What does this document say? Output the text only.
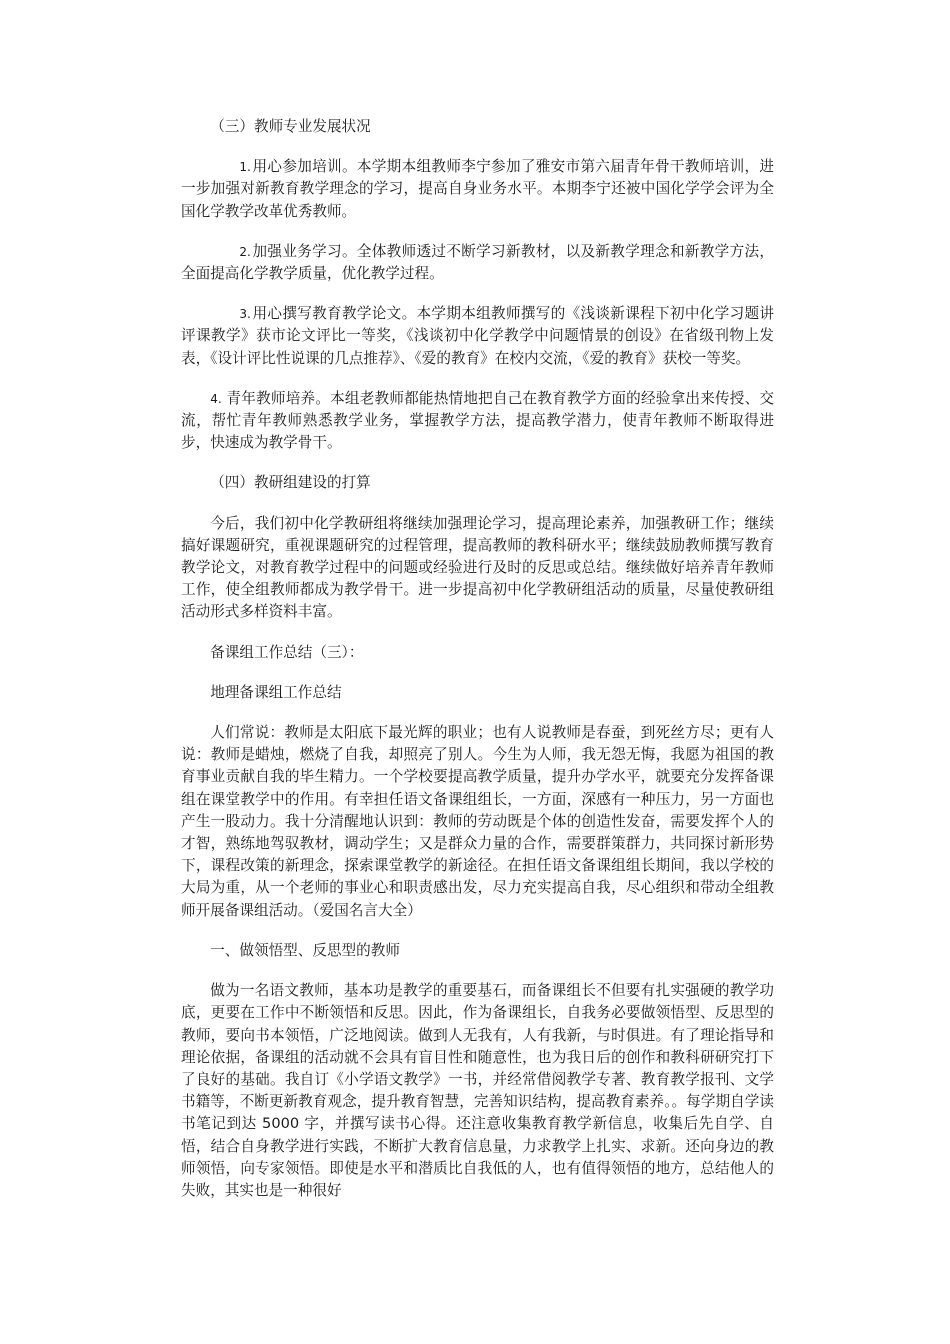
（三）教师专业发展状况

1.用心参加培训。本学期本组教师李宁参加了雅安市第六届青年骨干教师培训，进一步加强对新教育教学理念的学习，提高自身业务水平。本期李宁还被中国化学学会评为全国化学教学改革优秀教师。

2.加强业务学习。全体教师透过不断学习新教材，以及新教学理念和新教学方法，全面提高化学教学质量，优化教学过程。

3.用心撰写教育教学论文。本学期本组教师撰写的《浅谈新课程下初中化学习题讲评课教学》获市论文评比一等奖，《浅谈初中化学教学中问题情景的创设》在省级刊物上发表，《设计评比性说课的几点推荐》、《爱的教育》在校内交流，《爱的教育》获校一等奖。

4. 青年教师培养。本组老教师都能热情地把自己在教育教学方面的经验拿出来传授、交流，帮忙青年教师熟悉教学业务，掌握教学方法，提高教学潜力，使青年教师不断取得进步，快速成为教学骨干。

（四）教研组建设的打算

今后，我们初中化学教研组将继续加强理论学习，提高理论素养，加强教研工作；继续搞好课题研究，重视课题研究的过程管理，提高教师的教科研水平；继续鼓励教师撰写教育教学论文，对教育教学过程中的问题或经验进行及时的反思或总结。继续做好培养青年教师工作，使全组教师都成为教学骨干。进一步提高初中化学教研组活动的质量，尽量使教研组活动形式多样资料丰富。

备课组工作总结（三）：

地理备课组工作总结

人们常说：教师是太阳底下最光辉的职业；也有人说教师是春蚕，到死丝方尽；更有人说：教师是蜡烛，燃烧了自我，却照亮了别人。今生为人师，我无怨无悔，我愿为祖国的教育事业贡献自我的毕生精力。一个学校要提高教学质量，提升办学水平，就要充分发挥备课组在课堂教学中的作用。有幸担任语文备课组组长，一方面，深感有一种压力，另一方面也产生一股动力。我十分清醒地认识到：教师的劳动既是个体的创造性发奋，需要发挥个人的才智，熟练地驾驭教材，调动学生；又是群众力量的合作，需要群策群力，共同探讨新形势下，课程改策的新理念，探索课堂教学的新途径。在担任语文备课组组长期间，我以学校的大局为重，从一个老师的事业心和职责感出发，尽力充实提高自我，尽心组织和带动全组教师开展备课组活动。（爱国名言大全）

一、做领悟型、反思型的教师

做为一名语文教师，基本功是教学的重要基石，而备课组长不但要有扎实强硬的教学功底，更要在工作中不断领悟和反思。因此，作为备课组长，自我务必要做领悟型、反思型的教师，要向书本领悟，广泛地阅读。做到人无我有，人有我新，与时俱进。有了理论指导和理论依据，备课组的活动就不会具有盲目性和随意性，也为我日后的创作和教科研研究打下了良好的基础。我自订《小学语文教学》一书，并经常借阅教学专著、教育教学报刊、文学书籍等，不断更新教育观念，提升教育智慧，完善知识结构，提高教育素养。。每学期自学读书笔记到达 5000 字，并撰写读书心得。还注意收集教育教学新信息，收集后先自学、自悟，结合自身教学进行实践，不断扩大教育信息量，力求教学上扎实、求新。还向身边的教师领悟，向专家领悟。即使是水平和潜质比自我低的人，也有值得领悟的地方，总结他人的失败，其实也是一种很好
